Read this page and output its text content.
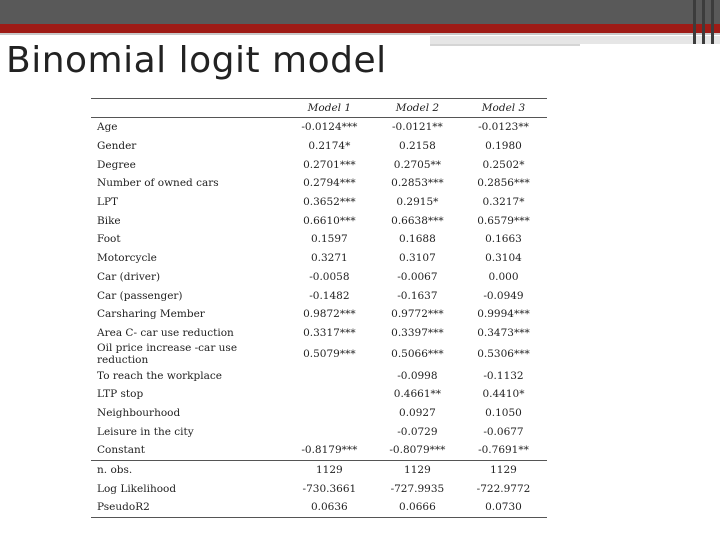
Binomial logit model
	Model 1	Model 2	Model 3
Age	-0.0124***	-0.0121**	-0.0123**
Gender	0.2174*	0.2158	0.1980
Degree	0.2701***	0.2705**	0.2502*
Number of owned cars	0.2794***	0.2853***	0.2856***
LPT	0.3652***	0.2915*	0.3217*
Bike	0.6610***	0.6638***	0.6579***
Foot	0.1597	0.1688	0.1663
Motorcycle	0.3271	0.3107	0.3104
Car (driver)	-0.0058	-0.0067	0.000
Car (passenger)	-0.1482	-0.1637	-0.0949
Carsharing Member	0.9872***	0.9772***	0.9994***
Area C- car use reduction	0.3317***	0.3397***	0.3473***
Oil price increase -car use reduction	0.5079***	0.5066***	0.5306***
To reach the workplace		-0.0998	-0.1132
LTP stop		0.4661**	0.4410*
Neighbourhood		0.0927	0.1050
Leisure in the city		-0.0729	-0.0677
Constant	-0.8179***	-0.8079***	-0.7691**
n. obs.	1129	1129	1129
Log Likelihood	-730.3661	-727.9935	-722.9772
PseudoR2	0.0636	0.0666	0.0730
